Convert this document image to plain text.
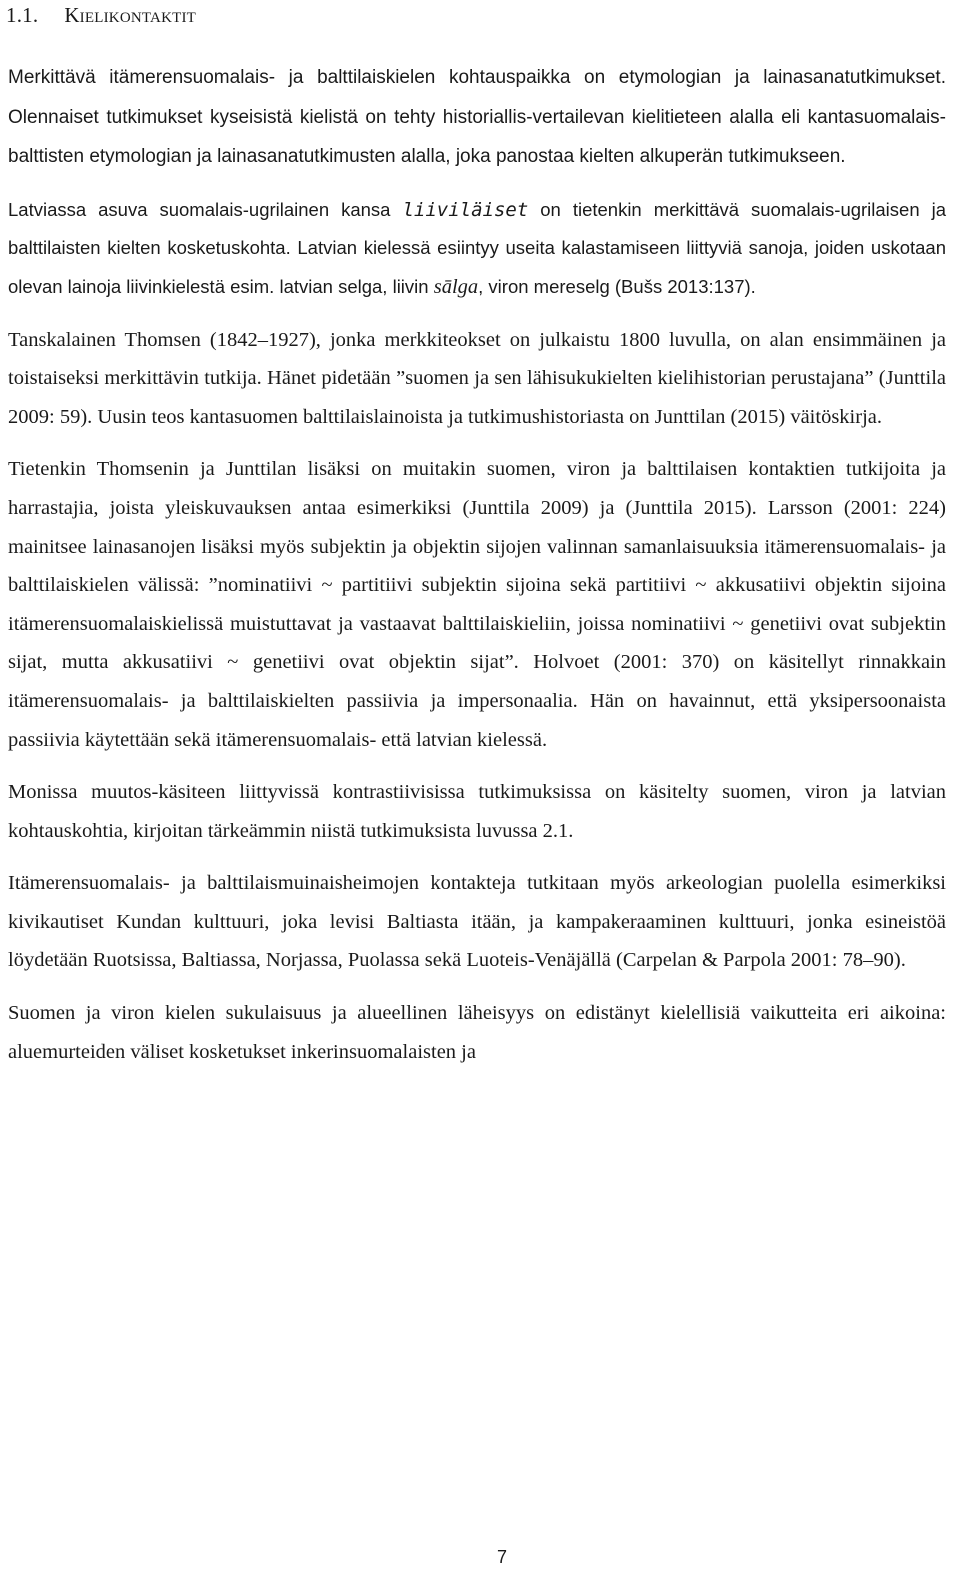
1.1. Kielikontaktit

Merkittävä itämerensuomalais- ja balttilaiskielen kohtauspaikka on etymologian ja lainasanatutkimukset. Olennaiset tutkimukset kyseisistä kielistä on tehty historiallis-vertailevan kielitieteen alalla eli kantasuomalais-balttisten etymologian ja lainasanatutkimusten alalla, joka panostaa kielten alkuperän tutkimukseen.

Latviassa asuva suomalais-ugrilainen kansa liiviläiset on tietenkin merkittävä suomalais-ugrilaisen ja balttilaisten kielten kosketuskohta. Latvian kielessä esiintyy useita kalastamiseen liittyviä sanoja, joiden uskotaan olevan lainoja liivinkielestä esim. latvian selga, liivin sālga, viron mereselg (Bušs 2013:137).

Tanskalainen Thomsen (1842–1927), jonka merkkiteokset on julkaistu 1800 luvulla, on alan ensimmäinen ja toistaiseksi merkittävin tutkija. Hänet pidetään ”suomen ja sen lähisukukielten kielihistorian perustajana” (Junttila 2009: 59). Uusin teos kantasuomen balttilaislainoista ja tutkimushistoriasta on Junttilan (2015) väitöskirja.

Tietenkin Thomsenin ja Junttilan lisäksi on muitakin suomen, viron ja balttilaisen kontaktien tutkijoita ja harrastajia, joista yleiskuvauksen antaa esimerkiksi (Junttila 2009) ja (Junttila 2015). Larsson (2001: 224) mainitsee lainasanojen lisäksi myös subjektin ja objektin sijojen valinnan samanlaisuuksia itämerensuomalais- ja balttilaiskielen välissä: ”nominatiivi ~ partitiivi subjektin sijoina sekä partitiivi ~ akkusatiivi objektin sijoina itämerensuomalaiskielissä muistuttavat ja vastaavat balttilaiskieliin, joissa nominatiivi ~ genetiivi ovat subjektin sijat, mutta akkusatiivi ~ genetiivi ovat objektin sijat”. Holvoet (2001: 370) on käsitellyt rinnakkain itämerensuomalais- ja balttilaiskielten passiivia ja impersonaalia. Hän on havainnut, että yksipersoonaista passiivia käytettään sekä itämerensuomalais- että latvian kielessä.

Monissa muutos-käsiteen liittyvissä kontrastiivisissa tutkimuksissa on käsitelty suomen, viron ja latvian kohtauskohtia, kirjoitan tärkeämmin niistä tutkimuksista luvussa 2.1.

Itämerensuomalais- ja balttilaismuinaisheimojen kontakteja tutkitaan myös arkeologian puolella esimerkiksi kivikautiset Kundan kulttuuri, joka levisi Baltiasta itään, ja kampakeraaminen kulttuuri, jonka esineistöä löydetään Ruotsissa, Baltiassa, Norjassa, Puolassa sekä Luoteis-Venäjällä (Carpelan & Parpola 2001: 78–90).

Suomen ja viron kielen sukulaisuus ja alueellinen läheisyys on edistänyt kielellisiä vaikutteita eri aikoina: aluemurteiden väliset kosketukset inkerinsuomalaisten ja

7
